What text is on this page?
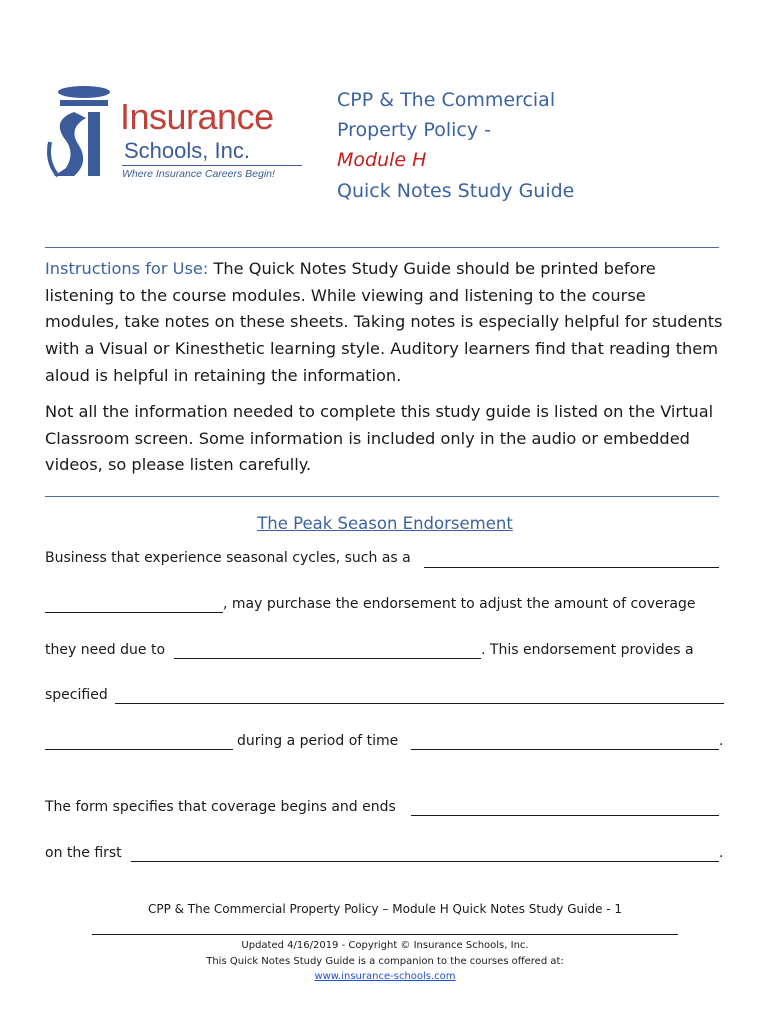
Insurance
Schools, Inc.
Where Insurance Careers Begin!
CPP & The Commercial
Property Policy -
Module H
Quick Notes Study Guide
Instructions for Use: The Quick Notes Study Guide should be printed before listening to the course modules. While viewing and listening to the course modules, take notes on these sheets. Taking notes is especially helpful for students with a Visual or Kinesthetic learning style. Auditory learners find that reading them aloud is helpful in retaining the information.
Not all the information needed to complete this study guide is listed on the Virtual Classroom screen. Some information is included only in the audio or embedded videos, so please listen carefully.
The Peak Season Endorsement
Business that experience seasonal cycles, such as a
, may purchase the endorsement to adjust the amount of coverage
they need due to	. This endorsement provides a
specified
during a period of time	.
The form specifies that coverage begins and ends
on the first	.
CPP & The Commercial Property Policy – Module H Quick Notes Study Guide - 1
Updated 4/16/2019 - Copyright © Insurance Schools, Inc.
This Quick Notes Study Guide is a companion to the courses offered at:
www.insurance-schools.com
